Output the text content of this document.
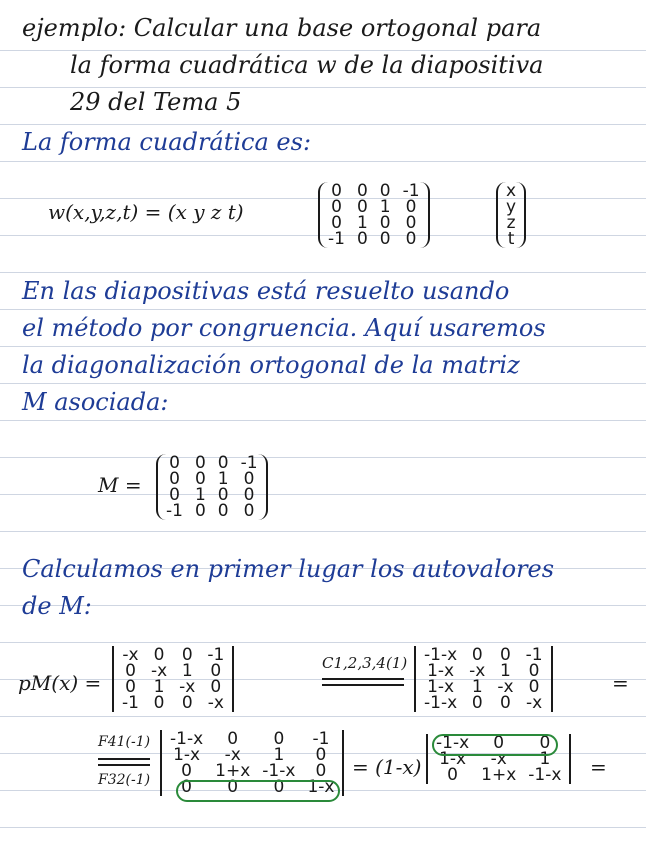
ejemplo: Calcular una base ortogonal para
la forma cuadrática w de la diapositiva
29 del Tema 5
La forma cuadrática es:
w(x,y,z,t) = (x y z t)
0 0 0 -1
0 0 1 0
0 1 0 0
-1 0 0 0
x
y
z
t
En las diapositivas está resuelto usando
el método por congruencia. Aquí usaremos
la diagonalización ortogonal de la matriz
M asociada:
M =
0 0 0 -1
0 0 1 0
0 1 0 0
-1 0 0 0
Calculamos en primer lugar los autovalores
de M:
pM(x) =
-x 0 0 -1
0 -x 1 0
0 1 -x 0
-1 0 0 -x
C1,2,3,4(1) -1-x 0 0 -1
1-x -x 1 0
1-x 1 -x 0
-1-x 0 0 -x
=
F41(-1)
F32(-1)
-1-x	0	0	-1
1-x	-x	1	0
0	1+x -1-x	0
0	0	0	1-x
= (1-x)
-1-x	0	0
1-x	-x	1
0	1+x -1-x =
